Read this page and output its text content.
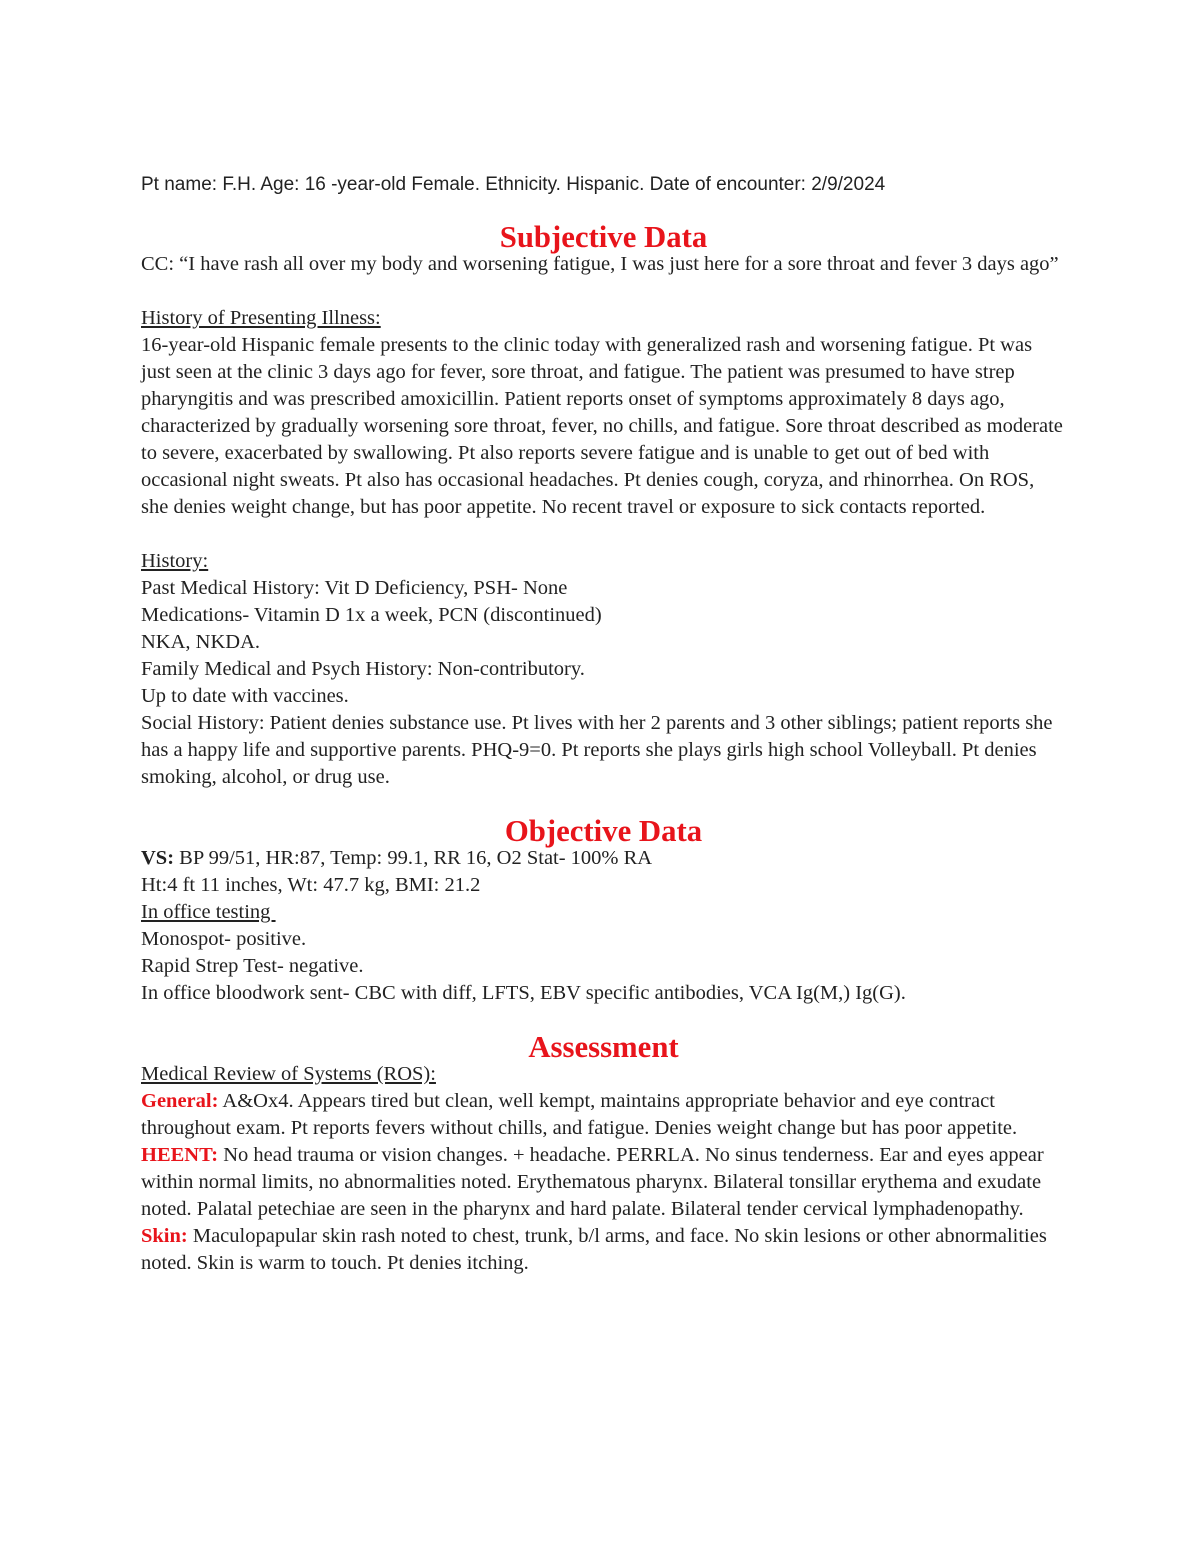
Pt name: F.H. Age: 16 -year-old Female. Ethnicity. Hispanic. Date of encounter: 2/9/2024
Subjective Data

CC: “I have rash all over my body and worsening fatigue, I was just here for a sore throat and fever 3 days ago”

History of Presenting Illness:

16-year-old Hispanic female presents to the clinic today with generalized rash and worsening fatigue. Pt was just seen at the clinic 3 days ago for fever, sore throat, and fatigue. The patient was presumed to have strep pharyngitis and was prescribed amoxicillin. Patient reports onset of symptoms approximately 8 days ago, characterized by gradually worsening sore throat, fever, no chills, and fatigue. Sore throat described as moderate to severe, exacerbated by swallowing. Pt also reports severe fatigue and is unable to get out of bed with occasional night sweats. Pt also has occasional headaches. Pt denies cough, coryza, and rhinorrhea. On ROS, she denies weight change, but has poor appetite. No recent travel or exposure to sick contacts reported.

History:

Past Medical History: Vit D Deficiency, PSH- None

Medications- Vitamin D 1x a week, PCN (discontinued)

NKA, NKDA.

Family Medical and Psych History: Non-contributory.

Up to date with vaccines.

Social History: Patient denies substance use. Pt lives with her 2 parents and 3 other siblings; patient reports she has a happy life and supportive parents. PHQ-9=0. Pt reports she plays girls high school Volleyball. Pt denies smoking, alcohol, or drug use.

Objective Data

VS: BP 99/51, HR:87, Temp: 99.1, RR 16, O2 Stat- 100% RA

Ht:4 ft 11 inches, Wt: 47.7 kg, BMI: 21.2

In office testing

Monospot- positive.

Rapid Strep Test- negative.

In office bloodwork sent- CBC with diff, LFTS, EBV specific antibodies, VCA Ig(M,) Ig(G).

Assessment

Medical Review of Systems (ROS):

General: A&Ox4. Appears tired but clean, well kempt, maintains appropriate behavior and eye contract throughout exam. Pt reports fevers without chills, and fatigue. Denies weight change but has poor appetite.

HEENT: No head trauma or vision changes. + headache. PERRLA. No sinus tenderness. Ear and eyes appear within normal limits, no abnormalities noted. Erythematous pharynx. Bilateral tonsillar erythema and exudate noted. Palatal petechiae are seen in the pharynx and hard palate. Bilateral tender cervical lymphadenopathy.

Skin: Maculopapular skin rash noted to chest, trunk, b/l arms, and face. No skin lesions or other abnormalities noted. Skin is warm to touch. Pt denies itching.
